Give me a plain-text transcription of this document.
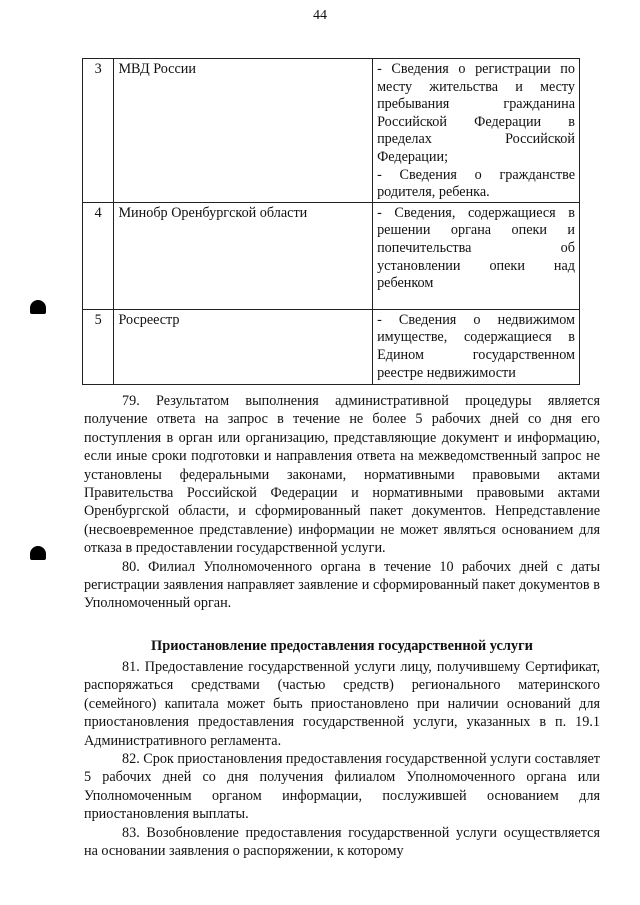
44
3	МВД России	- Сведения о регистрации по месту жительства и месту пребывания гражданина Российской Федерации в пределах Российской Федерации;
- Сведения о гражданстве родителя, ребенка.

4	Минобр Оренбургской области	- Сведения, содержащиеся в решении органа опеки и попечительства об установлении опеки над ребенком

5	Росреестр	- Сведения о недвижимом имуществе, содержащиеся в Едином государственном реестре недвижимости

79. Результатом выполнения административной процедуры является получение ответа на запрос в течение не более 5 рабочих дней со дня его поступления в орган или организацию, представляющие документ и информацию, если иные сроки подготовки и направления ответа на межведомственный запрос не установлены федеральными законами, нормативными правовыми актами Правительства Российской Федерации и нормативными правовыми актами Оренбургской области, и сформированный пакет документов. Непредставление (несвоевременное представление) информации не может являться основанием для отказа в предоставлении государственной услуги.

80. Филиал Уполномоченного органа в течение 10 рабочих дней с даты регистрации заявления направляет заявление и сформированный пакет документов в Уполномоченный орган.

Приостановление предоставления государственной услуги

81. Предоставление государственной услуги лицу, получившему Сертификат, распоряжаться средствами (частью средств) регионального материнского (семейного) капитала может быть приостановлено при наличии оснований для приостановления предоставления государственной услуги, указанных в п. 19.1 Административного регламента.

82. Срок приостановления предоставления государственной услуги составляет 5 рабочих дней со дня получения филиалом Уполномоченного органа или Уполномоченным органом информации, послужившей основанием для приостановления выплаты.

83. Возобновление предоставления государственной услуги осуществляется на основании заявления о распоряжении, к которому
